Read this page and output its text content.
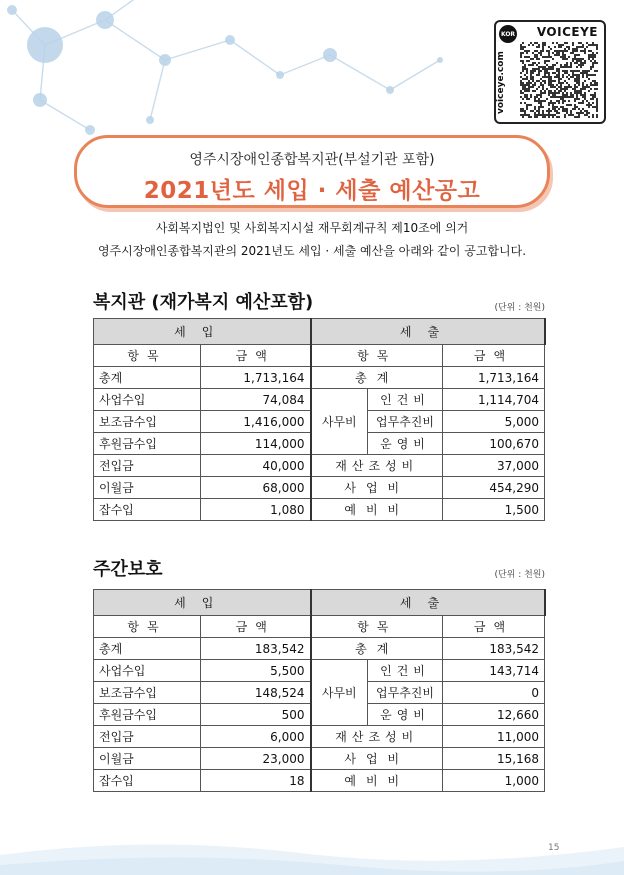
KOR VOICEYE
voiceye.com
영주시장애인종합복지관(부설기관 포함)
2021년도 세입 · 세출 예산공고
사회복지법인 및 사회복지시설 재무회계규칙 제10조에 의거
영주시장애인종합복지관의 2021년도 세입 · 세출 예산을 아래와 같이 공고합니다.
복지관 (재가복지 예산포함)	(단위 : 천원)
세입		세출		
항목	금액	항목		금액
총계	1,713,164	총계		1,713,164
사업수입	74,084	사무비	인건비	1,114,704
보조금수입	1,416,000		업무추진비	5,000
후원금수입	114,000		운영비	100,670
전입금	40,000	재산조성비		37,000
이월금	68,000	사업비		454,290
잡수입	1,080	예비비		1,500
주간보호	(단위 : 천원)
세입		세출		
항목	금액	항목		금액
총계	183,542	총계		183,542
사업수입	5,500	사무비	인건비	143,714
보조금수입	148,524		업무추진비	0
후원금수입	500		운영비	12,660
전입금	6,000	재산조성비		11,000
이월금	23,000	사업비		15,168
잡수입	18	예비비		1,000
15
